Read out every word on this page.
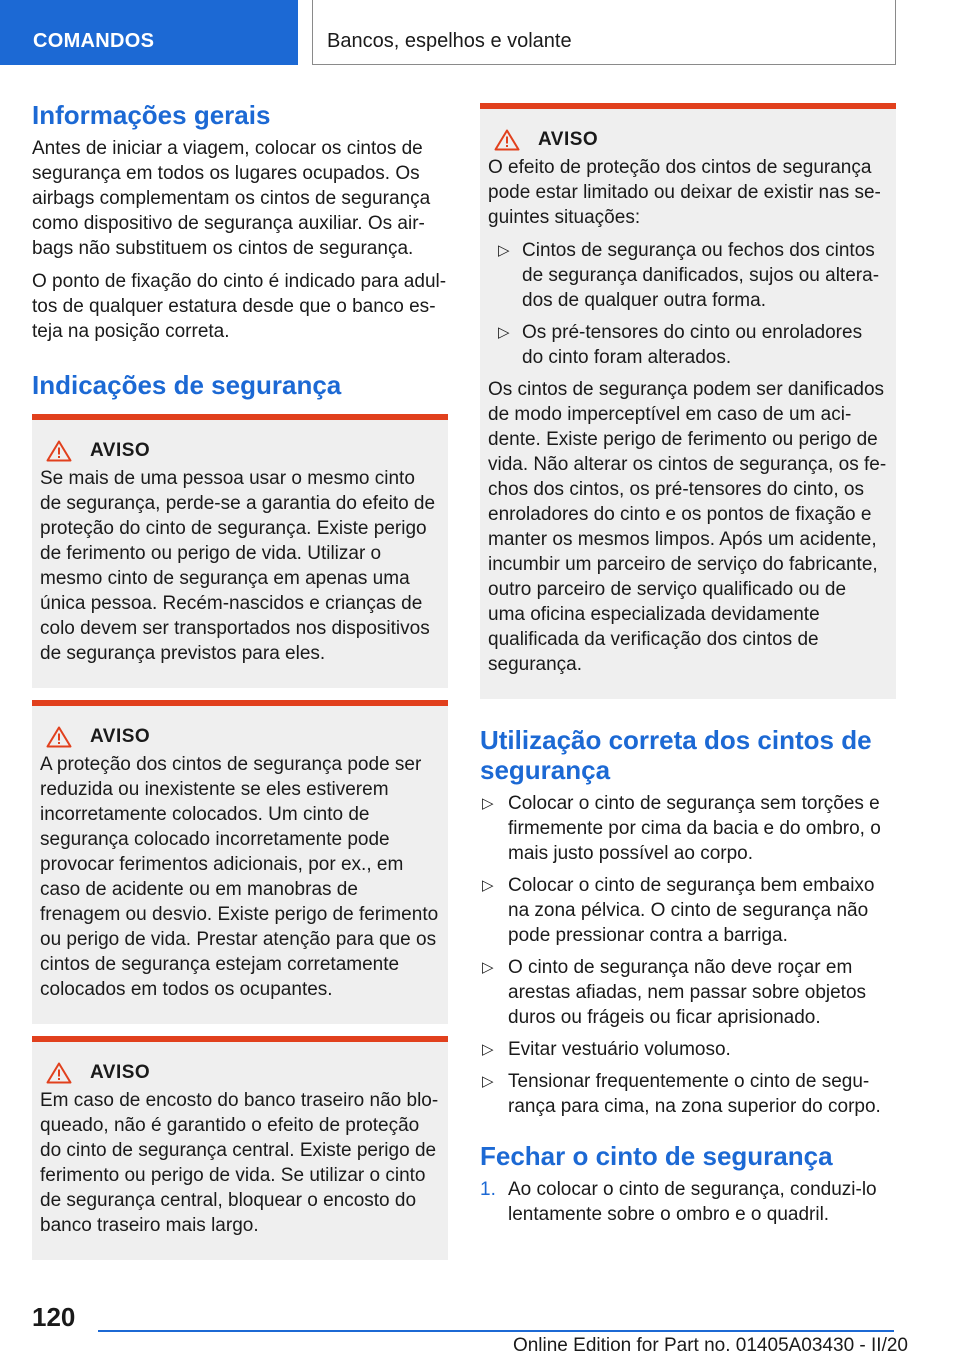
COMANDOS	Bancos, espelhos e volante
Informações gerais

Antes de iniciar a viagem, colocar os cintos de segurança em todos os lugares ocupados. Os airbags complementam os cintos de segurança como dispositivo de segurança auxiliar. Os airbags não substituem os cintos de segurança.

O ponto de fixação do cinto é indicado para adultos de qualquer estatura desde que o banco esteja na posição correta.

Indicações de segurança
AVISO

Se mais de uma pessoa usar o mesmo cinto de segurança, perde-se a garantia do efeito de proteção do cinto de segurança. Existe perigo de ferimento ou perigo de vida. Utilizar o mesmo cinto de segurança em apenas uma única pessoa. Recém-nascidos e crianças de colo devem ser transportados nos dispositivos de segurança previstos para eles.

AVISO

A proteção dos cintos de segurança pode ser reduzida ou inexistente se eles estiverem incorretamente colocados. Um cinto de segurança colocado incorretamente pode provocar ferimentos adicionais, por ex., em caso de acidente ou em manobras de frenagem ou desvio. Existe perigo de ferimento ou perigo de vida. Prestar atenção para que os cintos de segurança estejam corretamente colocados em todos os ocupantes.

AVISO

Em caso de encosto do banco traseiro não bloqueado, não é garantido o efeito de proteção do cinto de segurança central. Existe perigo de ferimento ou perigo de vida. Se utilizar o cinto de segurança central, bloquear o encosto do banco traseiro mais largo.

AVISO

O efeito de proteção dos cintos de segurança pode estar limitado ou deixar de existir nas seguintes situações:

▷ Cintos de segurança ou fechos dos cintos de segurança danificados, sujos ou alterados de qualquer outra forma.
▷ Os pré-tensores do cinto ou enroladores do cinto foram alterados.

Os cintos de segurança podem ser danificados de modo imperceptível em caso de um acidente. Existe perigo de ferimento ou perigo de vida. Não alterar os cintos de segurança, os fechos dos cintos, os pré-tensores do cinto, os enroladores do cinto e os pontos de fixação e manter os mesmos limpos. Após um acidente, incumbir um parceiro de serviço do fabricante, outro parceiro de serviço qualificado ou de uma oficina especializada devidamente qualificada da verificação dos cintos de segurança.

Utilização correta dos cintos de segurança
▷ Colocar o cinto de segurança sem torções e firmemente por cima da bacia e do ombro, o mais justo possível ao corpo.
▷ Colocar o cinto de segurança bem embaixo na zona pélvica. O cinto de segurança não pode pressionar contra a barriga.
▷ O cinto de segurança não deve roçar em arestas afiadas, nem passar sobre objetos duros ou frágeis ou ficar aprisionado.
▷ Evitar vestuário volumoso.
▷ Tensionar frequentemente o cinto de segurança para cima, na zona superior do corpo.
Fechar o cinto de segurança
1. Ao colocar o cinto de segurança, conduzi-lo lentamente sobre o ombro e o quadril.
120
Online Edition for Part no. 01405A03430 - II/20
